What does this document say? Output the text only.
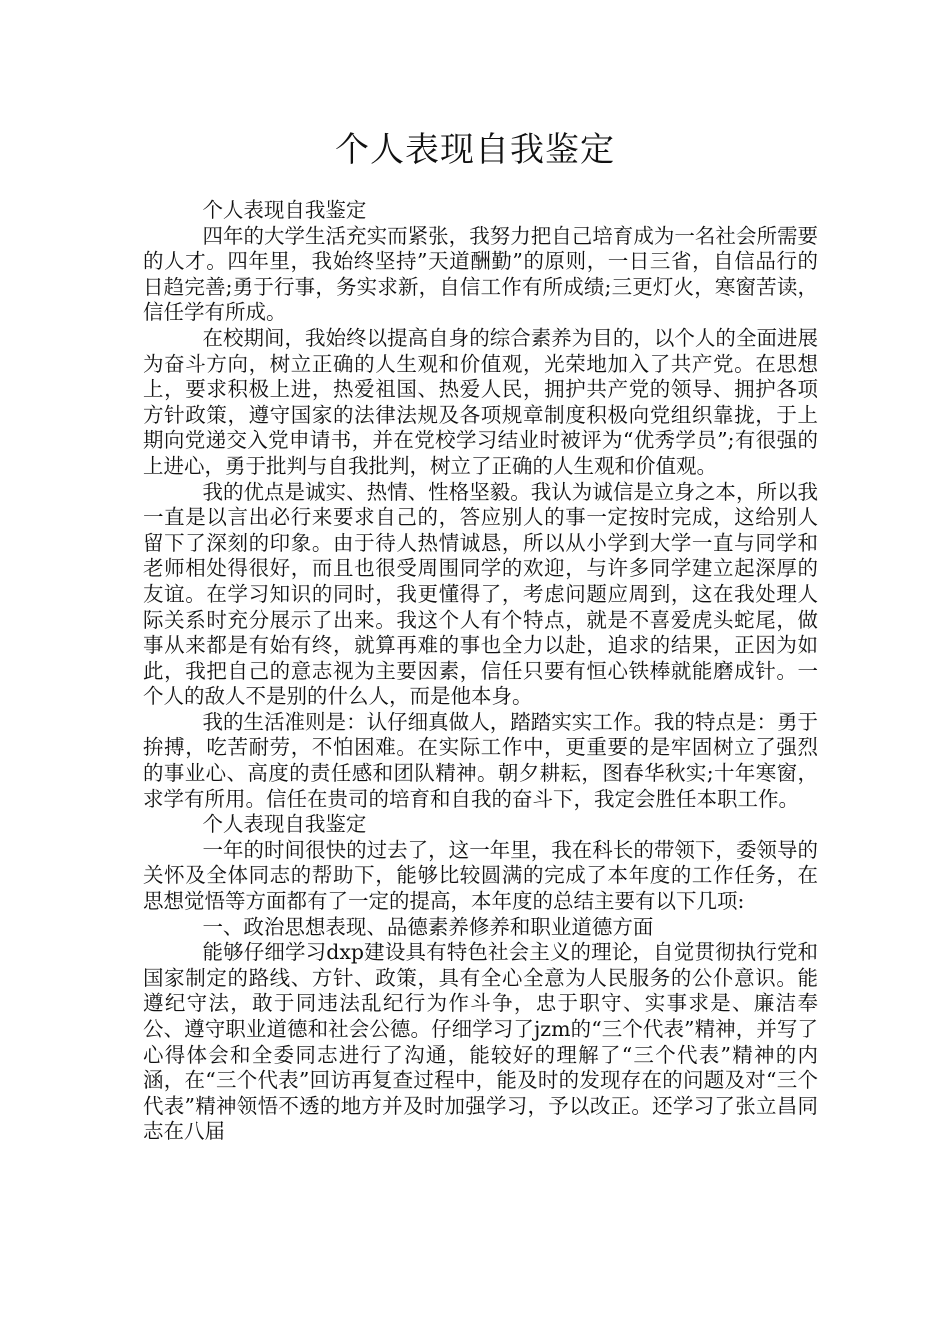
个人表现自我鉴定

个人表现自我鉴定

四年的大学生活充实而紧张，我努力把自己培育成为一名社会所需要的人才。四年里，我始终坚持”天道酬勤”的原则，一日三省，自信品行的日趋完善;勇于行事，务实求新，自信工作有所成绩;三更灯火，寒窗苦读，信任学有所成。

在校期间，我始终以提高自身的综合素养为目的，以个人的全面进展为奋斗方向，树立正确的人生观和价值观，光荣地加入了共产党。在思想上，要求积极上进，热爱祖国、热爱人民，拥护共产党的领导、拥护各项方针政策，遵守国家的法律法规及各项规章制度积极向党组织靠拢，于上期向党递交入党申请书，并在党校学习结业时被评为“优秀学员”;有很强的上进心，勇于批判与自我批判，树立了正确的人生观和价值观。

我的优点是诚实、热情、性格坚毅。我认为诚信是立身之本，所以我一直是以言出必行来要求自己的，答应别人的事一定按时完成，这给别人留下了深刻的印象。由于待人热情诚恳，所以从小学到大学一直与同学和老师相处得很好，而且也很受周围同学的欢迎，与许多同学建立起深厚的友谊。在学习知识的同时，我更懂得了，考虑问题应周到，这在我处理人际关系时充分展示了出来。我这个人有个特点，就是不喜爱虎头蛇尾，做事从来都是有始有终，就算再难的事也全力以赴，追求的结果，正因为如此，我把自己的意志视为主要因素，信任只要有恒心铁棒就能磨成针。一个人的敌人不是别的什么人，而是他本身。

我的生活准则是：认仔细真做人，踏踏实实工作。我的特点是：勇于拚搏，吃苦耐劳，不怕困难。在实际工作中，更重要的是牢固树立了强烈的事业心、高度的责任感和团队精神。朝夕耕耘，图春华秋实;十年寒窗，求学有所用。信任在贵司的培育和自我的奋斗下，我定会胜任本职工作。

个人表现自我鉴定

一年的时间很快的过去了，这一年里，我在科长的带领下，委领导的关怀及全体同志的帮助下，能够比较圆满的完成了本年度的工作任务，在思想觉悟等方面都有了一定的提高，本年度的总结主要有以下几项:

一、政治思想表现、品德素养修养和职业道德方面

能够仔细学习dxp建设具有特色社会主义的理论，自觉贯彻执行党和国家制定的路线、方针、政策，具有全心全意为人民服务的公仆意识。能遵纪守法，敢于同违法乱纪行为作斗争，忠于职守、实事求是、廉洁奉公、遵守职业道德和社会公德。仔细学习了jzm的“三个代表”精神，并写了心得体会和全委同志进行了沟通，能较好的理解了“三个代表”精神的内涵，在“三个代表”回访再复查过程中，能及时的发现存在的问题及对“三个代表”精神领悟不透的地方并及时加强学习，予以改正。还学习了张立昌同志在八届
